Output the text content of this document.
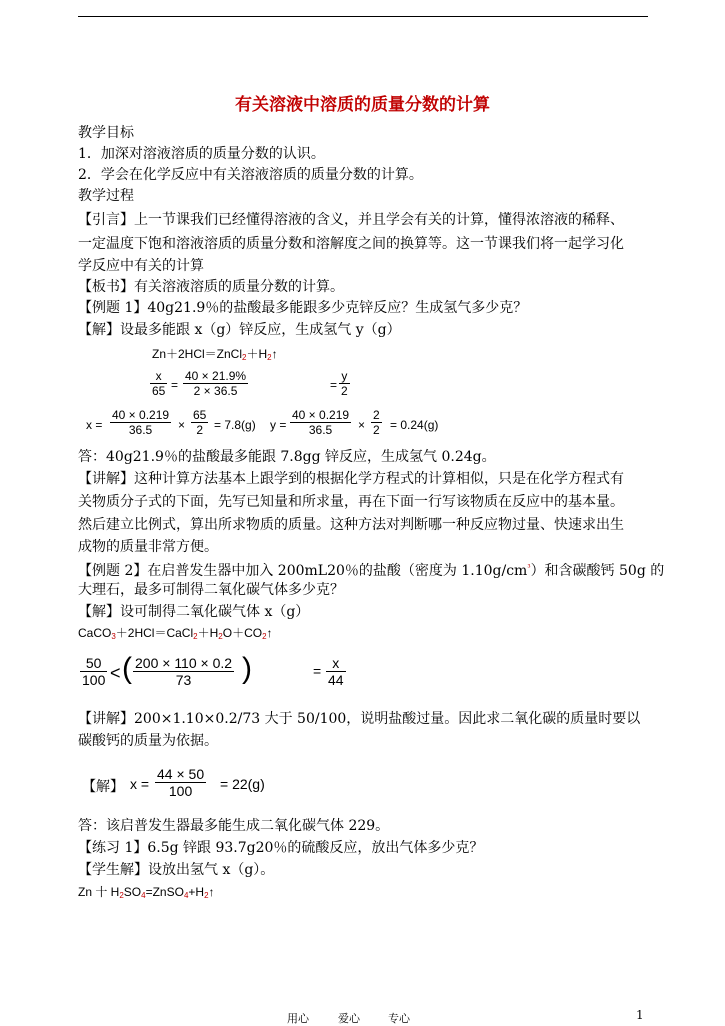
有关溶液中溶质的质量分数的计算
教学目标
1．加深对溶液溶质的质量分数的认识。
2．学会在化学反应中有关溶液溶质的质量分数的计算。
教学过程
【引言】上一节课我们已经懂得溶液的含义，并且学会有关的计算，懂得浓溶液的稀释、
一定温度下饱和溶液溶质的质量分数和溶解度之间的换算等。这一节课我们将一起学习化
学反应中有关的计算
【板书】有关溶液溶质的质量分数的计算。
【例题 1】40g21.9％的盐酸最多能跟多少克锌反应？生成氢气多少克？
【解】设最多能跟 x（g）锌反应，生成氢气 y（g）
$Zn+2HCl=ZnCl_2+H_2↑$
x
65 =
40 × 21.9%
2 × 36.5	=
y
2
x =
40 × 0.219
36.5	×
65
2 = 7.8(g) y =
40 × 0.219
36.5	×
2
2 = 0.24(g)
答：40g21.9％的盐酸最多能跟 7.8gg 锌反应，生成氢气 0.24g。
【讲解】这种计算方法基本上跟学到的根据化学方程式的计算相似，只是在化学方程式有
关物质分子式的下面，先写已知量和所求量，再在下面一行写该物质在反应中的基本量。
然后建立比例式，算出所求物质的质量。这种方法对判断哪一种反应物过量、快速求出生
成物的质量非常方便。
【例题 2】在启普发生器中加入 200mL20％的盐酸（密度为 $1.10g/cm^{^3}$）和含碳酸钙 50g 的
大理石，最多可制得二氧化碳气体多少克？
【解】设可制得二氧化碳气体 x（g）
$CaCO_3+2HCl=CaCl_2+H_2O+CO_2↑$
50
100 < ( 200 × 110 × 0.2
73	)	= x
44
【讲解】200×1.10×0.2/73 大于 50/100，说明盐酸过量。因此求二氧化碳的质量时要以
碳酸钙的质量为依据。
【解】 x =
44 × 50
100	= 22(g)
答：该启普发生器最多能生成二氧化碳气体 229。
【练习 1】6.5g 锌跟 93.7g20％的硫酸反应，放出气体多少克？
【学生解】设放出氢气 x（g）。
Zn 十 $H_2SO_4=ZnSO_4+H_2↑$
用心	爱心	专心	1
